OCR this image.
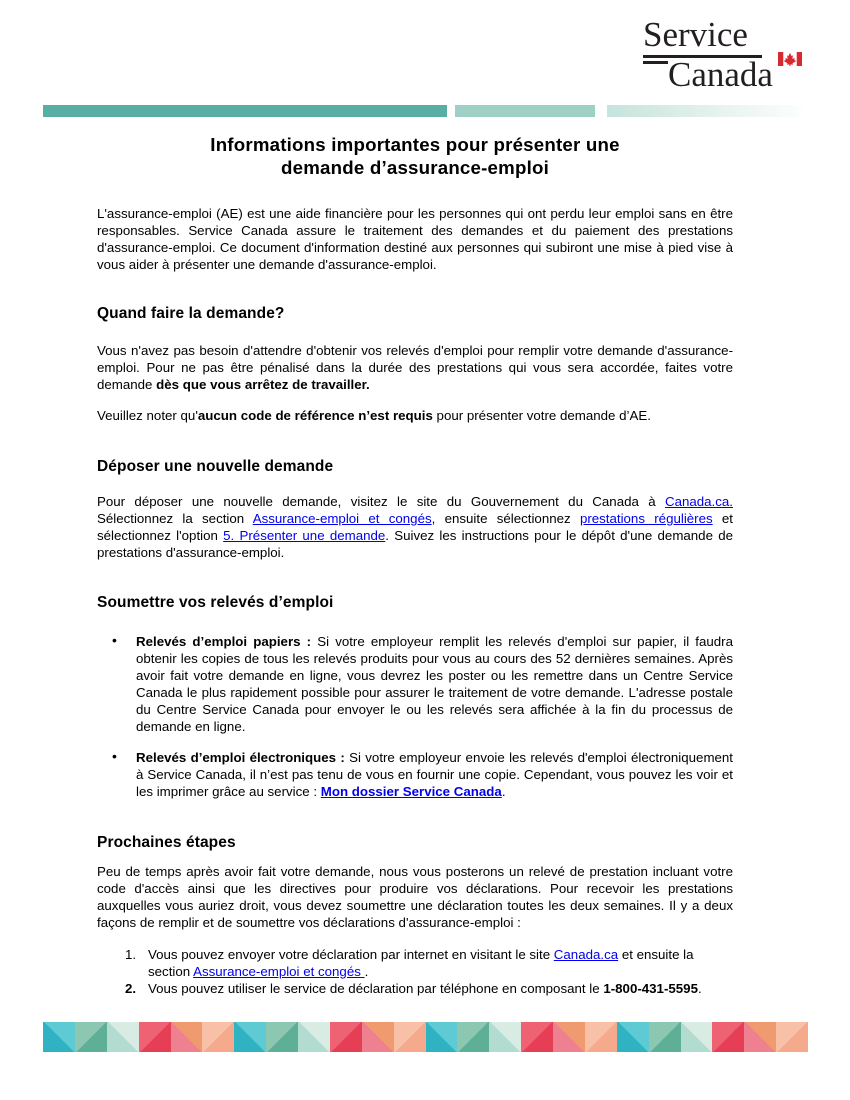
Service
Canada
Informations importantes pour présenter une
demande d’assurance-emploi

L'assurance-emploi (AE) est une aide financière pour les personnes qui ont perdu leur emploi sans en être responsables. Service Canada assure le traitement des demandes et du paiement des prestations d'assurance-emploi. Ce document d'information destiné aux personnes qui subiront une mise à pied vise à vous aider à présenter une demande d'assurance-emploi.

Quand faire la demande?

Vous n'avez pas besoin d'attendre d'obtenir vos relevés d'emploi pour remplir votre demande d'assurance-emploi. Pour ne pas être pénalisé dans la durée des prestations qui vous sera accordée, faites votre demande dès que vous arrêtez de travailler.

Veuillez noter qu'aucun code de référence n’est requis pour présenter votre demande d’AE.

Déposer une nouvelle demande

Pour déposer une nouvelle demande, visitez le site du Gouvernement du Canada à Canada.ca. Sélectionnez la section Assurance-emploi et congés, ensuite sélectionnez prestations régulières et sélectionnez l'option 5. Présenter une demande. Suivez les instructions pour le dépôt d'une demande de prestations d'assurance-emploi.

Soumettre vos relevés d’emploi
• Relevés d’emploi papiers : Si votre employeur remplit les relevés d'emploi sur papier, il faudra obtenir les copies de tous les relevés produits pour vous au cours des 52 dernières semaines. Après avoir fait votre demande en ligne, vous devrez les poster ou les remettre dans un Centre Service Canada le plus rapidement possible pour assurer le traitement de votre demande. L'adresse postale du Centre Service Canada pour envoyer le ou les relevés sera affichée à la fin du processus de demande en ligne.
• Relevés d’emploi électroniques : Si votre employeur envoie les relevés d'emploi électroniquement à Service Canada, il n’est pas tenu de vous en fournir une copie. Cependant, vous pouvez les voir et les imprimer grâce au service : Mon dossier Service Canada.
Prochaines étapes

Peu de temps après avoir fait votre demande, nous vous posterons un relevé de prestation incluant votre code d'accès ainsi que les directives pour produire vos déclarations. Pour recevoir les prestations auxquelles vous auriez droit, vous devez soumettre une déclaration toutes les deux semaines. Il y a deux façons de remplir et de soumettre vos déclarations d'assurance-emploi :

1. Vous pouvez envoyer votre déclaration par internet en visitant le site Canada.ca et ensuite la section Assurance-emploi et congés .
2. Vous pouvez utiliser le service de déclaration par téléphone en composant le 1-800-431-5595.
